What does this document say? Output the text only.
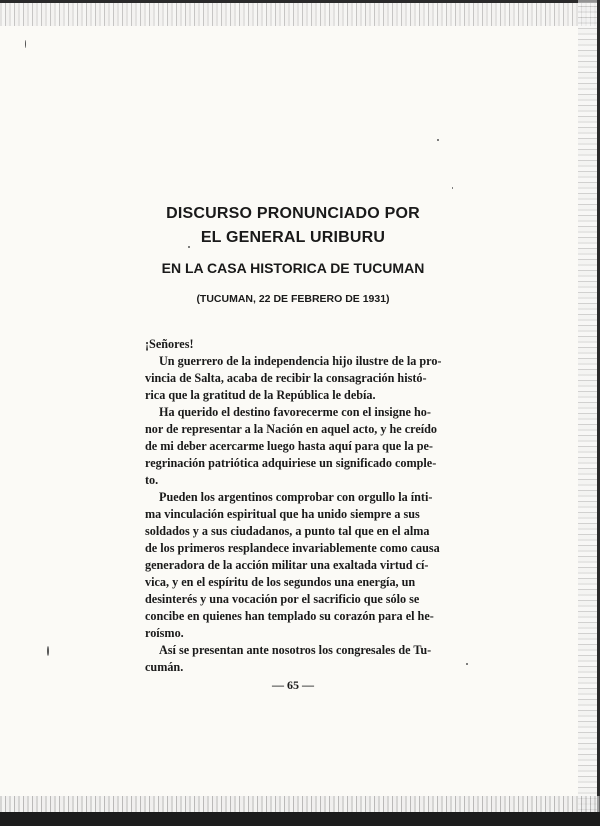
DISCURSO PRONUNCIADO POR
EL GENERAL URIBURU
EN LA CASA HISTORICA DE TUCUMAN
(TUCUMAN, 22 DE FEBRERO DE 1931)
¡Señores!
Un guerrero de la independencia hijo ilustre de la pro-
vincia de Salta, acaba de recibir la consagración histó-
rica que la gratitud de la República le debía.
Ha querido el destino favorecerme con el insigne ho-
nor de representar a la Nación en aquel acto, y he creído
de mi deber acercarme luego hasta aquí para que la pe-
regrinación patriótica adquiriese un significado comple-
to.
Pueden los argentinos comprobar con orgullo la ínti-
ma vinculación espiritual que ha unido siempre a sus
soldados y a sus ciudadanos, a punto tal que en el alma
de los primeros resplandece invariablemente como causa
generadora de la acción militar una exaltada virtud cí-
vica, y en el espíritu de los segundos una energía, un
desinterés y una vocación por el sacrificio que sólo se
concibe en quienes han templado su corazón para el he-
roísmo.
Así se presentan ante nosotros los congresales de Tu-
cumán.
— 65 —
